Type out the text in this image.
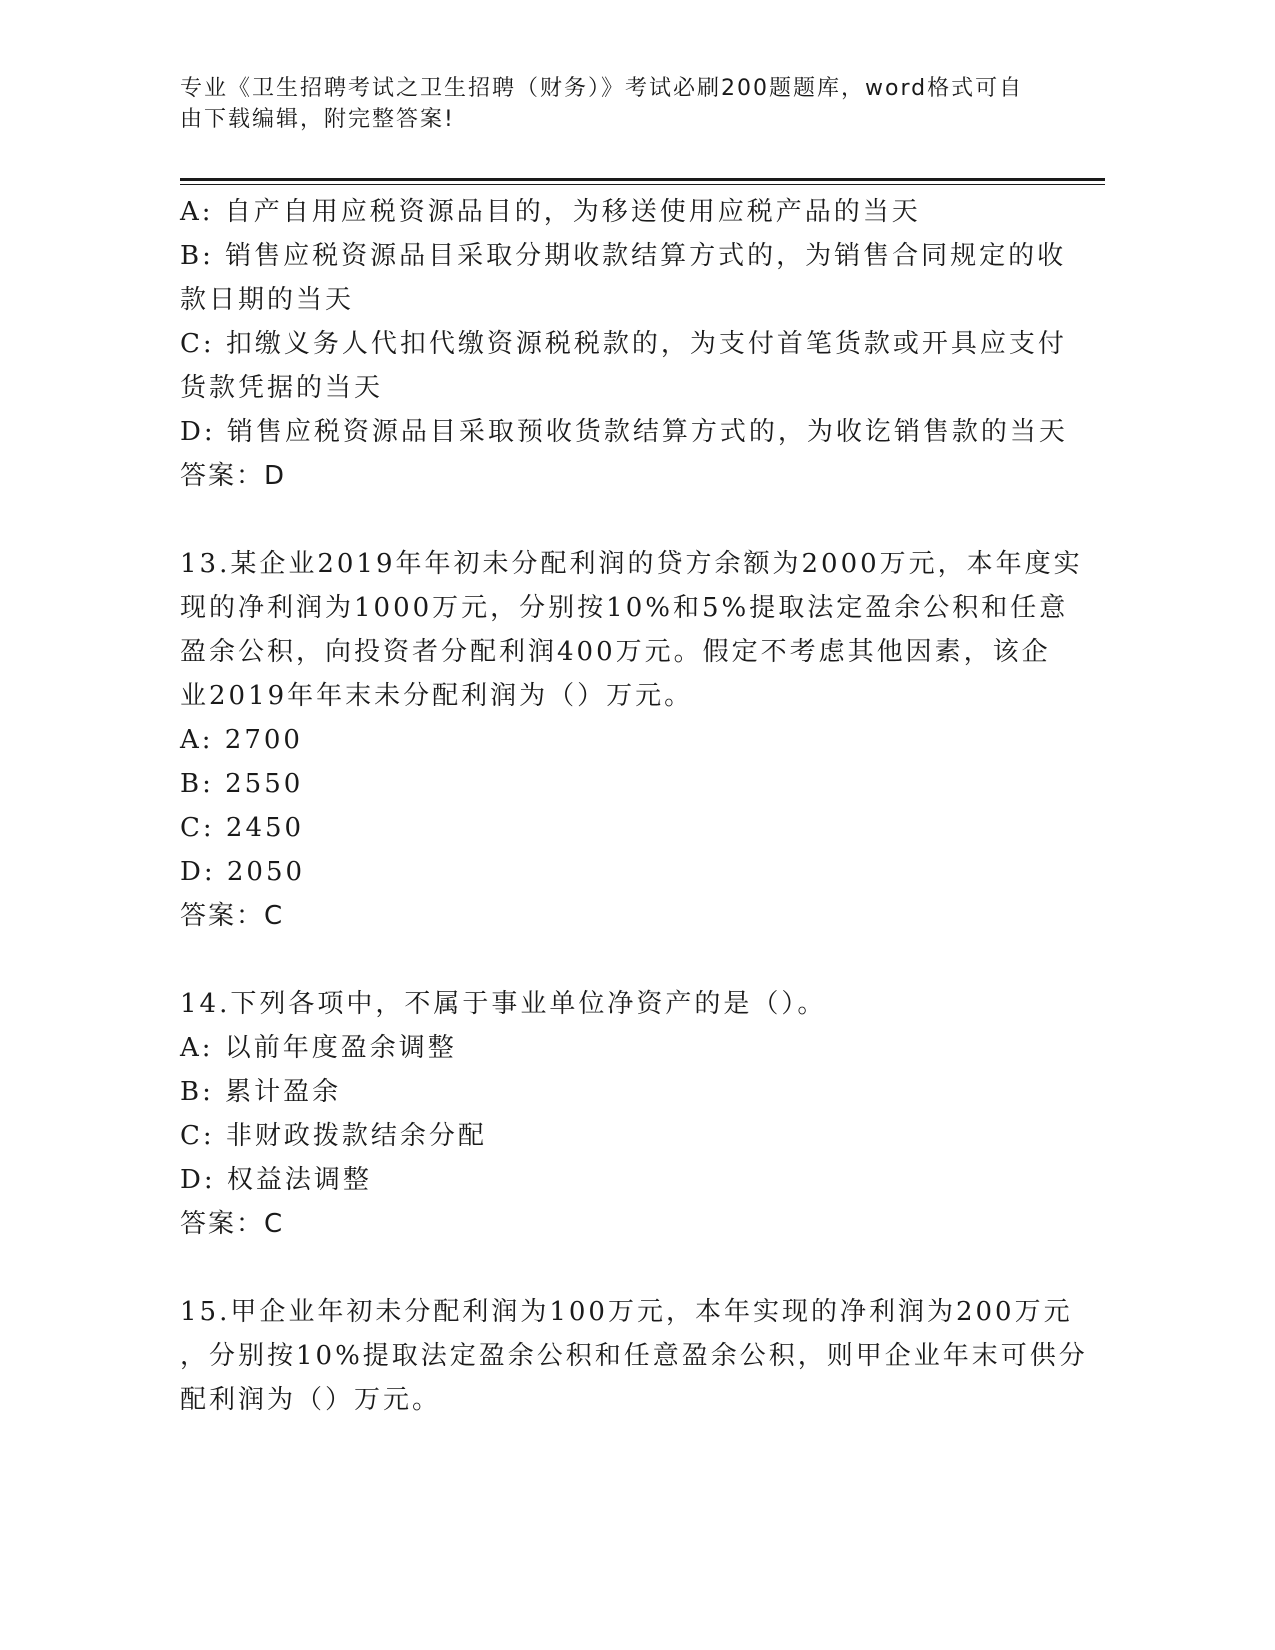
专业《卫生招聘考试之卫生招聘（财务）》考试必刷200题题库，word格式可自
由下载编辑，附完整答案!
A: 自产自用应税资源品目的，为移送使用应税产品的当天
B: 销售应税资源品目采取分期收款结算方式的，为销售合同规定的收
款日期的当天
C: 扣缴义务人代扣代缴资源税税款的，为支付首笔货款或开具应支付
货款凭据的当天
D: 销售应税资源品目采取预收货款结算方式的，为收讫销售款的当天
答案：D
13.某企业2019年年初未分配利润的贷方余额为2000万元，本年度实
现的净利润为1000万元，分别按10%和5%提取法定盈余公积和任意
盈余公积，向投资者分配利润400万元。假定不考虑其他因素，该企
业2019年年末未分配利润为（）万元。
A: 2700
B: 2550
C: 2450
D: 2050
答案：C
14.下列各项中，不属于事业单位净资产的是（）。
A: 以前年度盈余调整
B: 累计盈余
C: 非财政拨款结余分配
D: 权益法调整
答案：C
15.甲企业年初未分配利润为100万元，本年实现的净利润为200万元
，分别按10%提取法定盈余公积和任意盈余公积，则甲企业年末可供分
配利润为（）万元。
